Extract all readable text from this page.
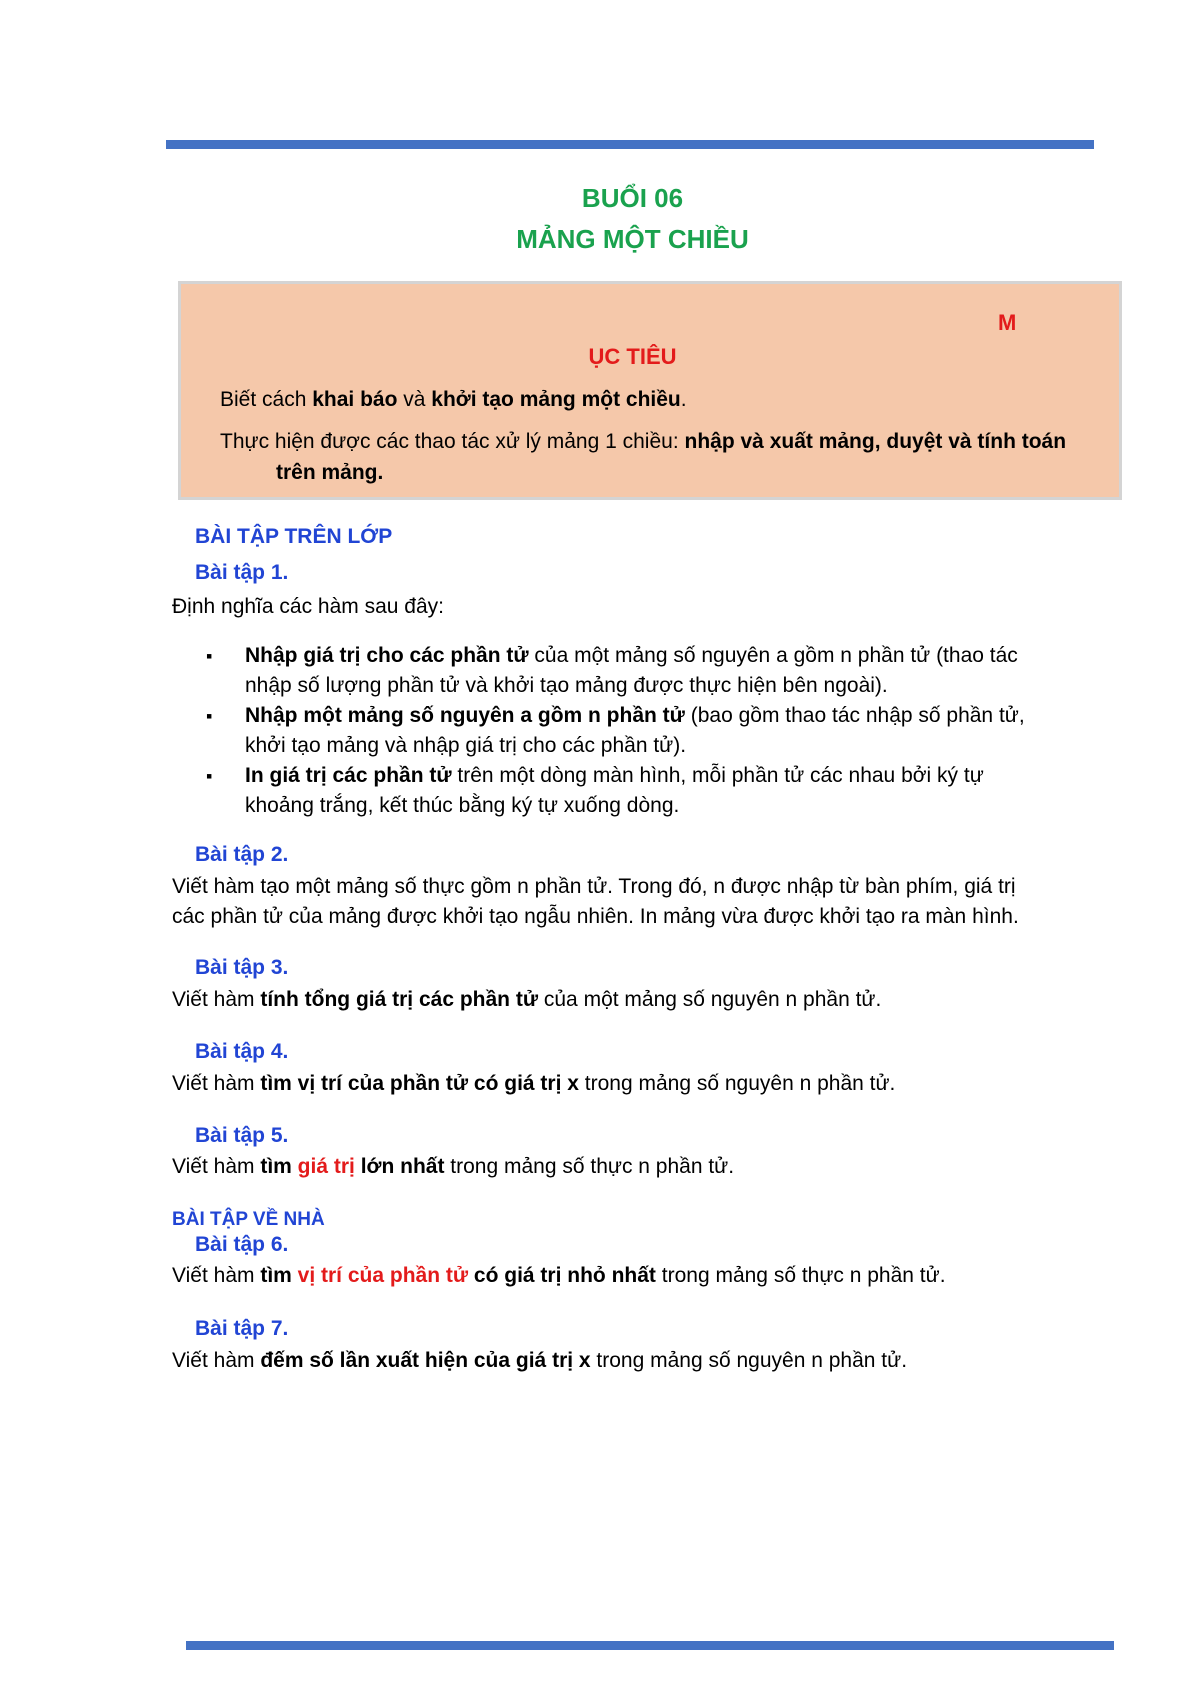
BUỔI 06
MẢNG MỘT CHIỀU
M
ỤC TIÊU
Biết cách khai báo và khởi tạo mảng một chiều.
Thực hiện được các thao tác xử lý mảng 1 chiều: nhập và xuất mảng, duyệt và tính toán
trên mảng.
BÀI TẬP TRÊN LỚP
Bài tập 1.
Định nghĩa các hàm sau đây:
▪ Nhập giá trị cho các phần tử của một mảng số nguyên a gồm n phần tử (thao tác
nhập số lượng phần tử và khởi tạo mảng được thực hiện bên ngoài).
▪ Nhập một mảng số nguyên a gồm n phần tử (bao gồm thao tác nhập số phần tử,
khởi tạo mảng và nhập giá trị cho các phần tử).
▪ In giá trị các phần tử trên một dòng màn hình, mỗi phần tử các nhau bởi ký tự
khoảng trắng, kết thúc bằng ký tự xuống dòng.
Bài tập 2.
Viết hàm tạo một mảng số thực gồm n phần tử. Trong đó, n được nhập từ bàn phím, giá trị
các phần tử của mảng được khởi tạo ngẫu nhiên. In mảng vừa được khởi tạo ra màn hình.
Bài tập 3.
Viết hàm tính tổng giá trị các phần tử của một mảng số nguyên n phần tử.
Bài tập 4.
Viết hàm tìm vị trí của phần tử có giá trị x trong mảng số nguyên n phần tử.
Bài tập 5.
Viết hàm tìm giá trị lớn nhất trong mảng số thực n phần tử.
BÀI TẬP VỀ NHÀ
Bài tập 6.
Viết hàm tìm vị trí của phần tử có giá trị nhỏ nhất trong mảng số thực n phần tử.
Bài tập 7.
Viết hàm đếm số lần xuất hiện của giá trị x trong mảng số nguyên n phần tử.
